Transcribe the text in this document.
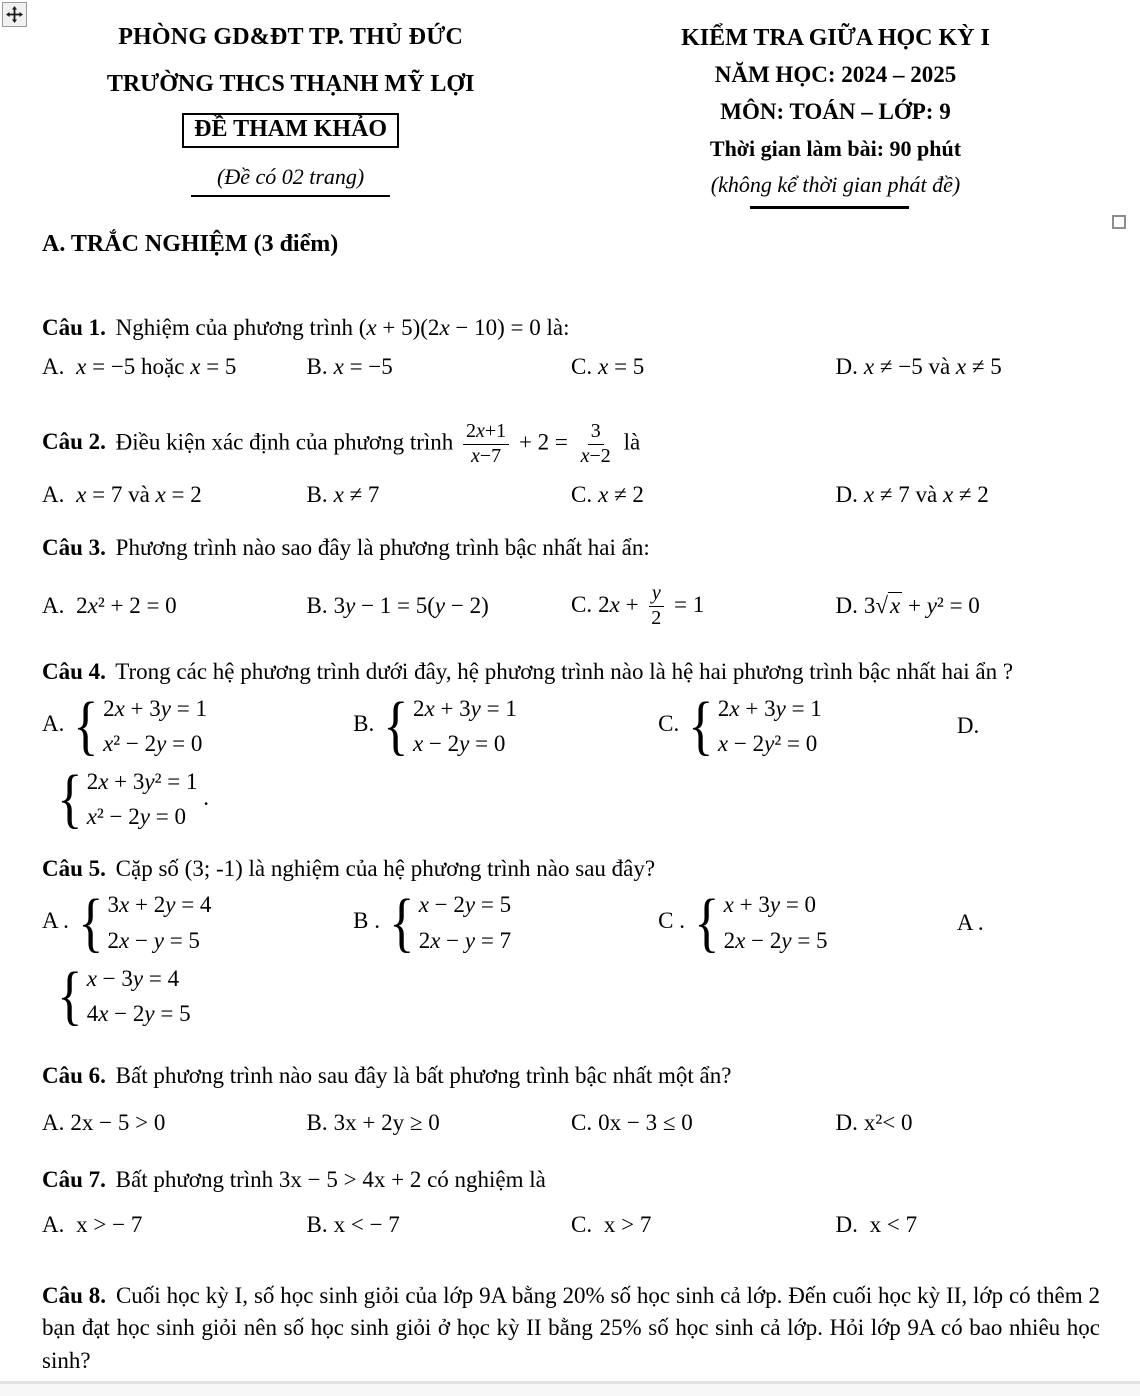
PHÒNG GD&ĐT TP. THỦ ĐỨC
TRƯỜNG THCS THẠNH MỸ LỢI
ĐỀ THAM KHẢO
(Đề có 02 trang)
KIỂM TRA GIỮA HỌC KỲ I
NĂM HỌC: 2024 – 2025
MÔN: TOÁN – LỚP: 9
Thời gian làm bài: 90 phút
(không kể thời gian phát đề)
A. TRẮC NGHIỆM (3 điểm)

Câu 1. Nghiệm của phương trình (x + 5)(2x − 10) = 0 là:

A. x = −5 hoặc x = 5	B. x = −5	C. x = 5	D. x ≠ −5 và x ≠ 5

Câu 2. Điều kiện xác định của phương trình $\frac{2x+1}{x-7} + 2 = \frac{3}{x-2}$ là

A. x = 7 và x = 2	B. x ≠ 7	C. x ≠ 2	D. x ≠ 7 và x ≠ 2

Câu 3. Phương trình nào sao đây là phương trình bậc nhất hai ẩn:

A. 2x² + 2 = 0	B. 3y − 1 = 5(y − 2)	C. $2x + \frac{y}{2} = 1$	D. 3√x + y² = 0

Câu 4. Trong các hệ phương trình dưới đây, hệ phương trình nào là hệ hai phương trình bậc nhất hai ẩn ?

A. { 2x + 3y = 1
x² − 2y = 0
B. { 2x + 3y = 1
x − 2y = 0
C. { 2x + 3y = 1
x − 2y² = 0
D.
{ 2x + 3y² = 1
x² − 2y = 0
.

Câu 5. Cặp số (3; -1) là nghiệm của hệ phương trình nào sau đây?

A . { 3x + 2y = 4
2x − y = 5
B . { x − 2y = 5
2x − y = 7
C . { x + 3y = 0
2x − 2y = 5
A .
{ x − 3y = 4
4x − 2y = 5

Câu 6. Bất phương trình nào sau đây là bất phương trình bậc nhất một ẩn?

A. 2x − 5 > 0	B. 3x + 2y ≥ 0	C. 0x − 3 ≤ 0	D. x²< 0

Câu 7. Bất phương trình 3x − 5 > 4x + 2 có nghiệm là

A. x > − 7	B. x < − 7	C. x > 7	D. x < 7

Câu 8. Cuối học kỳ I, số học sinh giỏi của lớp 9A bằng 20% số học sinh cả lớp. Đến cuối học kỳ II, lớp có thêm 2 bạn đạt học sinh giỏi nên số học sinh giỏi ở học kỳ II bằng 25% số học sinh cả lớp. Hỏi lớp 9A có bao nhiêu học sinh?
